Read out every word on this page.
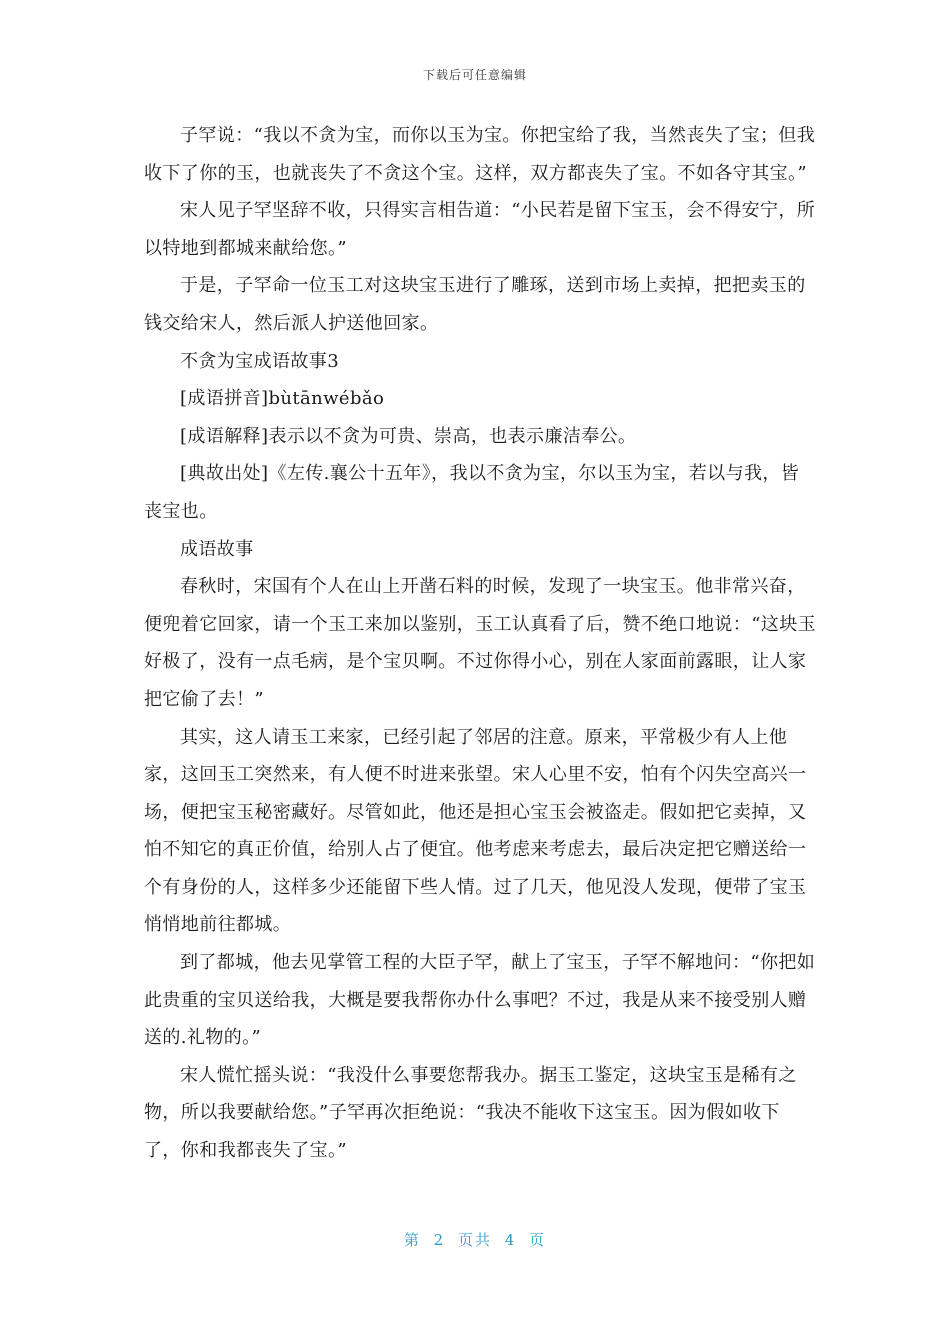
下载后可任意编辑

子罕说：“我以不贪为宝，而你以玉为宝。你把宝给了我，当然丧失了宝；但我收下了你的玉，也就丧失了不贪这个宝。这样，双方都丧失了宝。不如各守其宝。”

宋人见子罕坚辞不收，只得实言相告道：“小民若是留下宝玉，会不得安宁，所以特地到都城来献给您。”

于是，子罕命一位玉工对这块宝玉进行了雕琢，送到市场上卖掉，把把卖玉的钱交给宋人，然后派人护送他回家。

不贪为宝成语故事3

[成语拼音]bùtānwébǎo

[成语解释]表示以不贪为可贵、崇高，也表示廉洁奉公。

[典故出处]《左传.襄公十五年》，我以不贪为宝，尔以玉为宝，若以与我，皆丧宝也。

成语故事

春秋时，宋国有个人在山上开凿石料的时候，发现了一块宝玉。他非常兴奋，便兜着它回家，请一个玉工来加以鉴别，玉工认真看了后，赞不绝口地说：“这块玉好极了，没有一点毛病，是个宝贝啊。不过你得小心，别在人家面前露眼，让人家把它偷了去！”

其实，这人请玉工来家，已经引起了邻居的注意。原来，平常极少有人上他家，这回玉工突然来，有人便不时进来张望。宋人心里不安，怕有个闪失空高兴一场，便把宝玉秘密藏好。尽管如此，他还是担心宝玉会被盗走。假如把它卖掉，又怕不知它的真正价值，给别人占了便宜。他考虑来考虑去，最后决定把它赠送给一个有身份的人，这样多少还能留下些人情。过了几天，他见没人发现，便带了宝玉悄悄地前往都城。

到了都城，他去见掌管工程的大臣子罕，献上了宝玉，子罕不解地问：“你把如此贵重的宝贝送给我，大概是要我帮你办什么事吧？不过，我是从来不接受别人赠送的.礼物的。”

宋人慌忙摇头说：“我没什么事要您帮我办。据玉工鉴定，这块宝玉是稀有之物，所以我要献给您。”子罕再次拒绝说：“我决不能收下这宝玉。因为假如收下了，你和我都丧失了宝。”

第 2 页共 4 页
